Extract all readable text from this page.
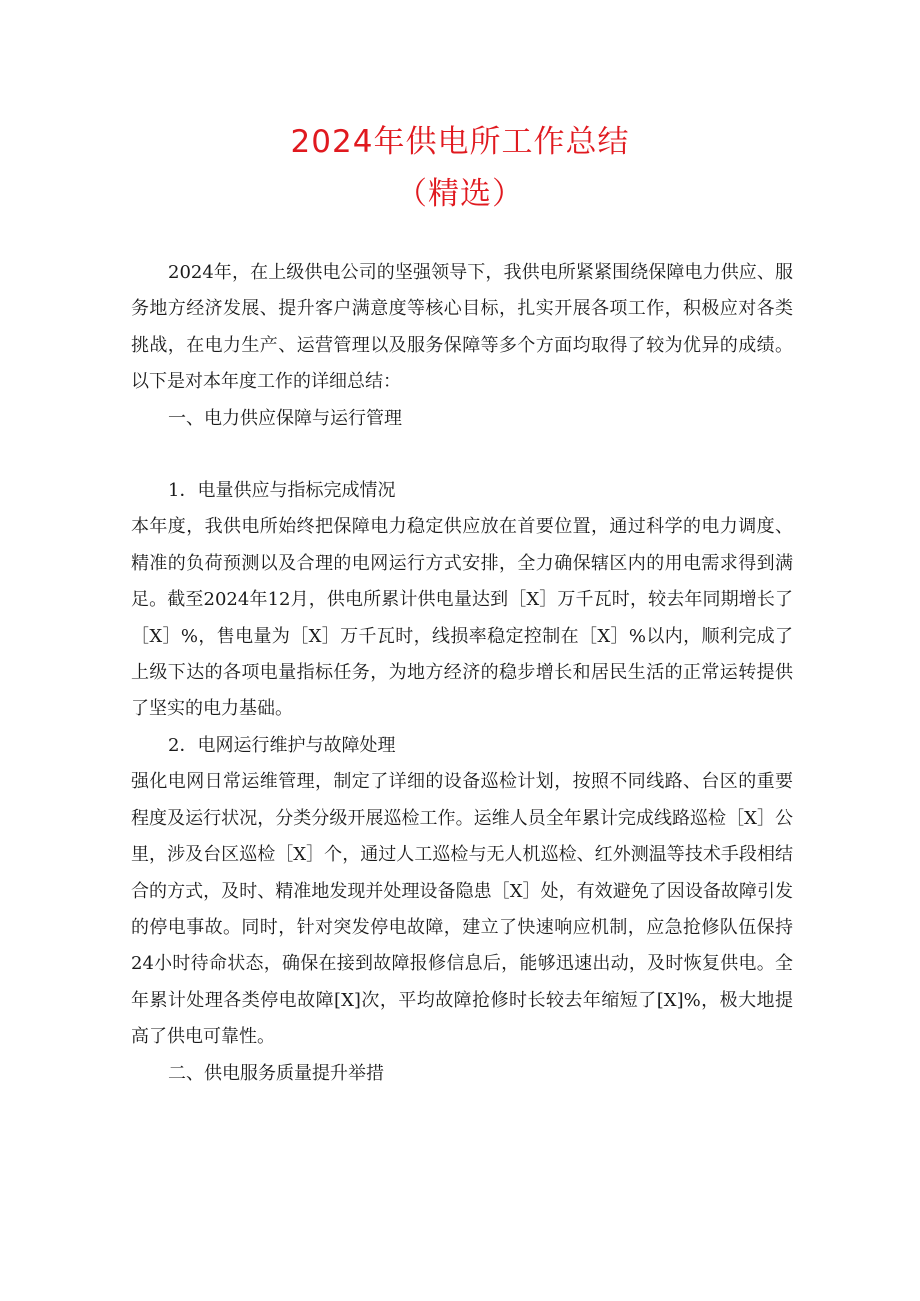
2024年供电所工作总结
（精选）

2024年，在上级供电公司的坚强领导下，我供电所紧紧围绕保障电力供应、服务地方经济发展、提升客户满意度等核心目标，扎实开展各项工作，积极应对各类挑战，在电力生产、运营管理以及服务保障等多个方面均取得了较为优异的成绩。以下是对本年度工作的详细总结：

一、电力供应保障与运行管理

1．电量供应与指标完成情况

本年度，我供电所始终把保障电力稳定供应放在首要位置，通过科学的电力调度、精准的负荷预测以及合理的电网运行方式安排，全力确保辖区内的用电需求得到满足。截至2024年12月，供电所累计供电量达到［X］万千瓦时，较去年同期增长了［X］%，售电量为［X］万千瓦时，线损率稳定控制在［X］%以内，顺利完成了上级下达的各项电量指标任务，为地方经济的稳步增长和居民生活的正常运转提供了坚实的电力基础。

2．电网运行维护与故障处理

强化电网日常运维管理，制定了详细的设备巡检计划，按照不同线路、台区的重要程度及运行状况，分类分级开展巡检工作。运维人员全年累计完成线路巡检［X］公里，涉及台区巡检［X］个，通过人工巡检与无人机巡检、红外测温等技术手段相结合的方式，及时、精准地发现并处理设备隐患［X］处，有效避免了因设备故障引发的停电事故。同时，针对突发停电故障，建立了快速响应机制，应急抢修队伍保持24小时待命状态，确保在接到故障报修信息后，能够迅速出动，及时恢复供电。全年累计处理各类停电故障[X]次，平均故障抢修时长较去年缩短了[X]%，极大地提高了供电可靠性。

二、供电服务质量提升举措
